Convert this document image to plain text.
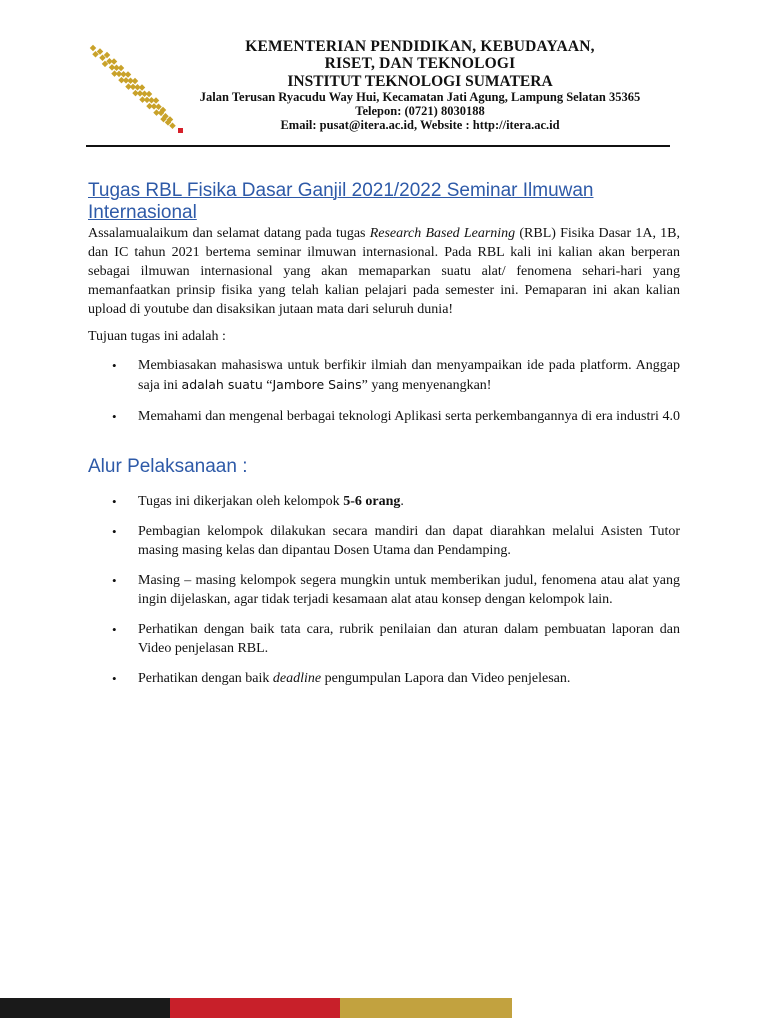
KEMENTERIAN PENDIDIKAN, KEBUDAYAAN,
RISET, DAN TEKNOLOGI
INSTITUT TEKNOLOGI SUMATERA
Jalan Terusan Ryacudu Way Hui, Kecamatan Jati Agung, Lampung Selatan 35365
Telepon: (0721) 8030188
Email: pusat@itera.ac.id, Website : http://itera.ac.id
Tugas RBL Fisika Dasar Ganjil 2021/2022 Seminar Ilmuwan Internasional

Assalamualaikum dan selamat datang pada tugas Research Based Learning (RBL) Fisika Dasar 1A, 1B, dan IC tahun 2021 bertema seminar ilmuwan internasional. Pada RBL kali ini kalian akan berperan sebagai ilmuwan internasional yang akan memaparkan suatu alat/ fenomena sehari-hari yang memanfaatkan prinsip fisika yang telah kalian pelajari pada semester ini. Pemaparan ini akan kalian upload di youtube dan disaksikan jutaan mata dari seluruh dunia!

Tujuan tugas ini adalah :

• Membiasakan mahasiswa untuk berfikir ilmiah dan menyampaikan ide pada platform. Anggap saja ini adalah suatu “Jambore Sains” yang menyenangkan!
• Memahami dan mengenal berbagai teknologi Aplikasi serta perkembangannya di era industri 4.0
Alur Pelaksanaan :
• Tugas ini dikerjakan oleh kelompok 5-6 orang.
• Pembagian kelompok dilakukan secara mandiri dan dapat diarahkan melalui Asisten Tutor masing masing kelas dan dipantau Dosen Utama dan Pendamping.
• Masing – masing kelompok segera mungkin untuk memberikan judul, fenomena atau alat yang ingin dijelaskan, agar tidak terjadi kesamaan alat atau konsep dengan kelompok lain.
• Perhatikan dengan baik tata cara, rubrik penilaian dan aturan dalam pembuatan laporan dan Video penjelasan RBL.
• Perhatikan dengan baik deadline pengumpulan Lapora dan Video penjelesan.
